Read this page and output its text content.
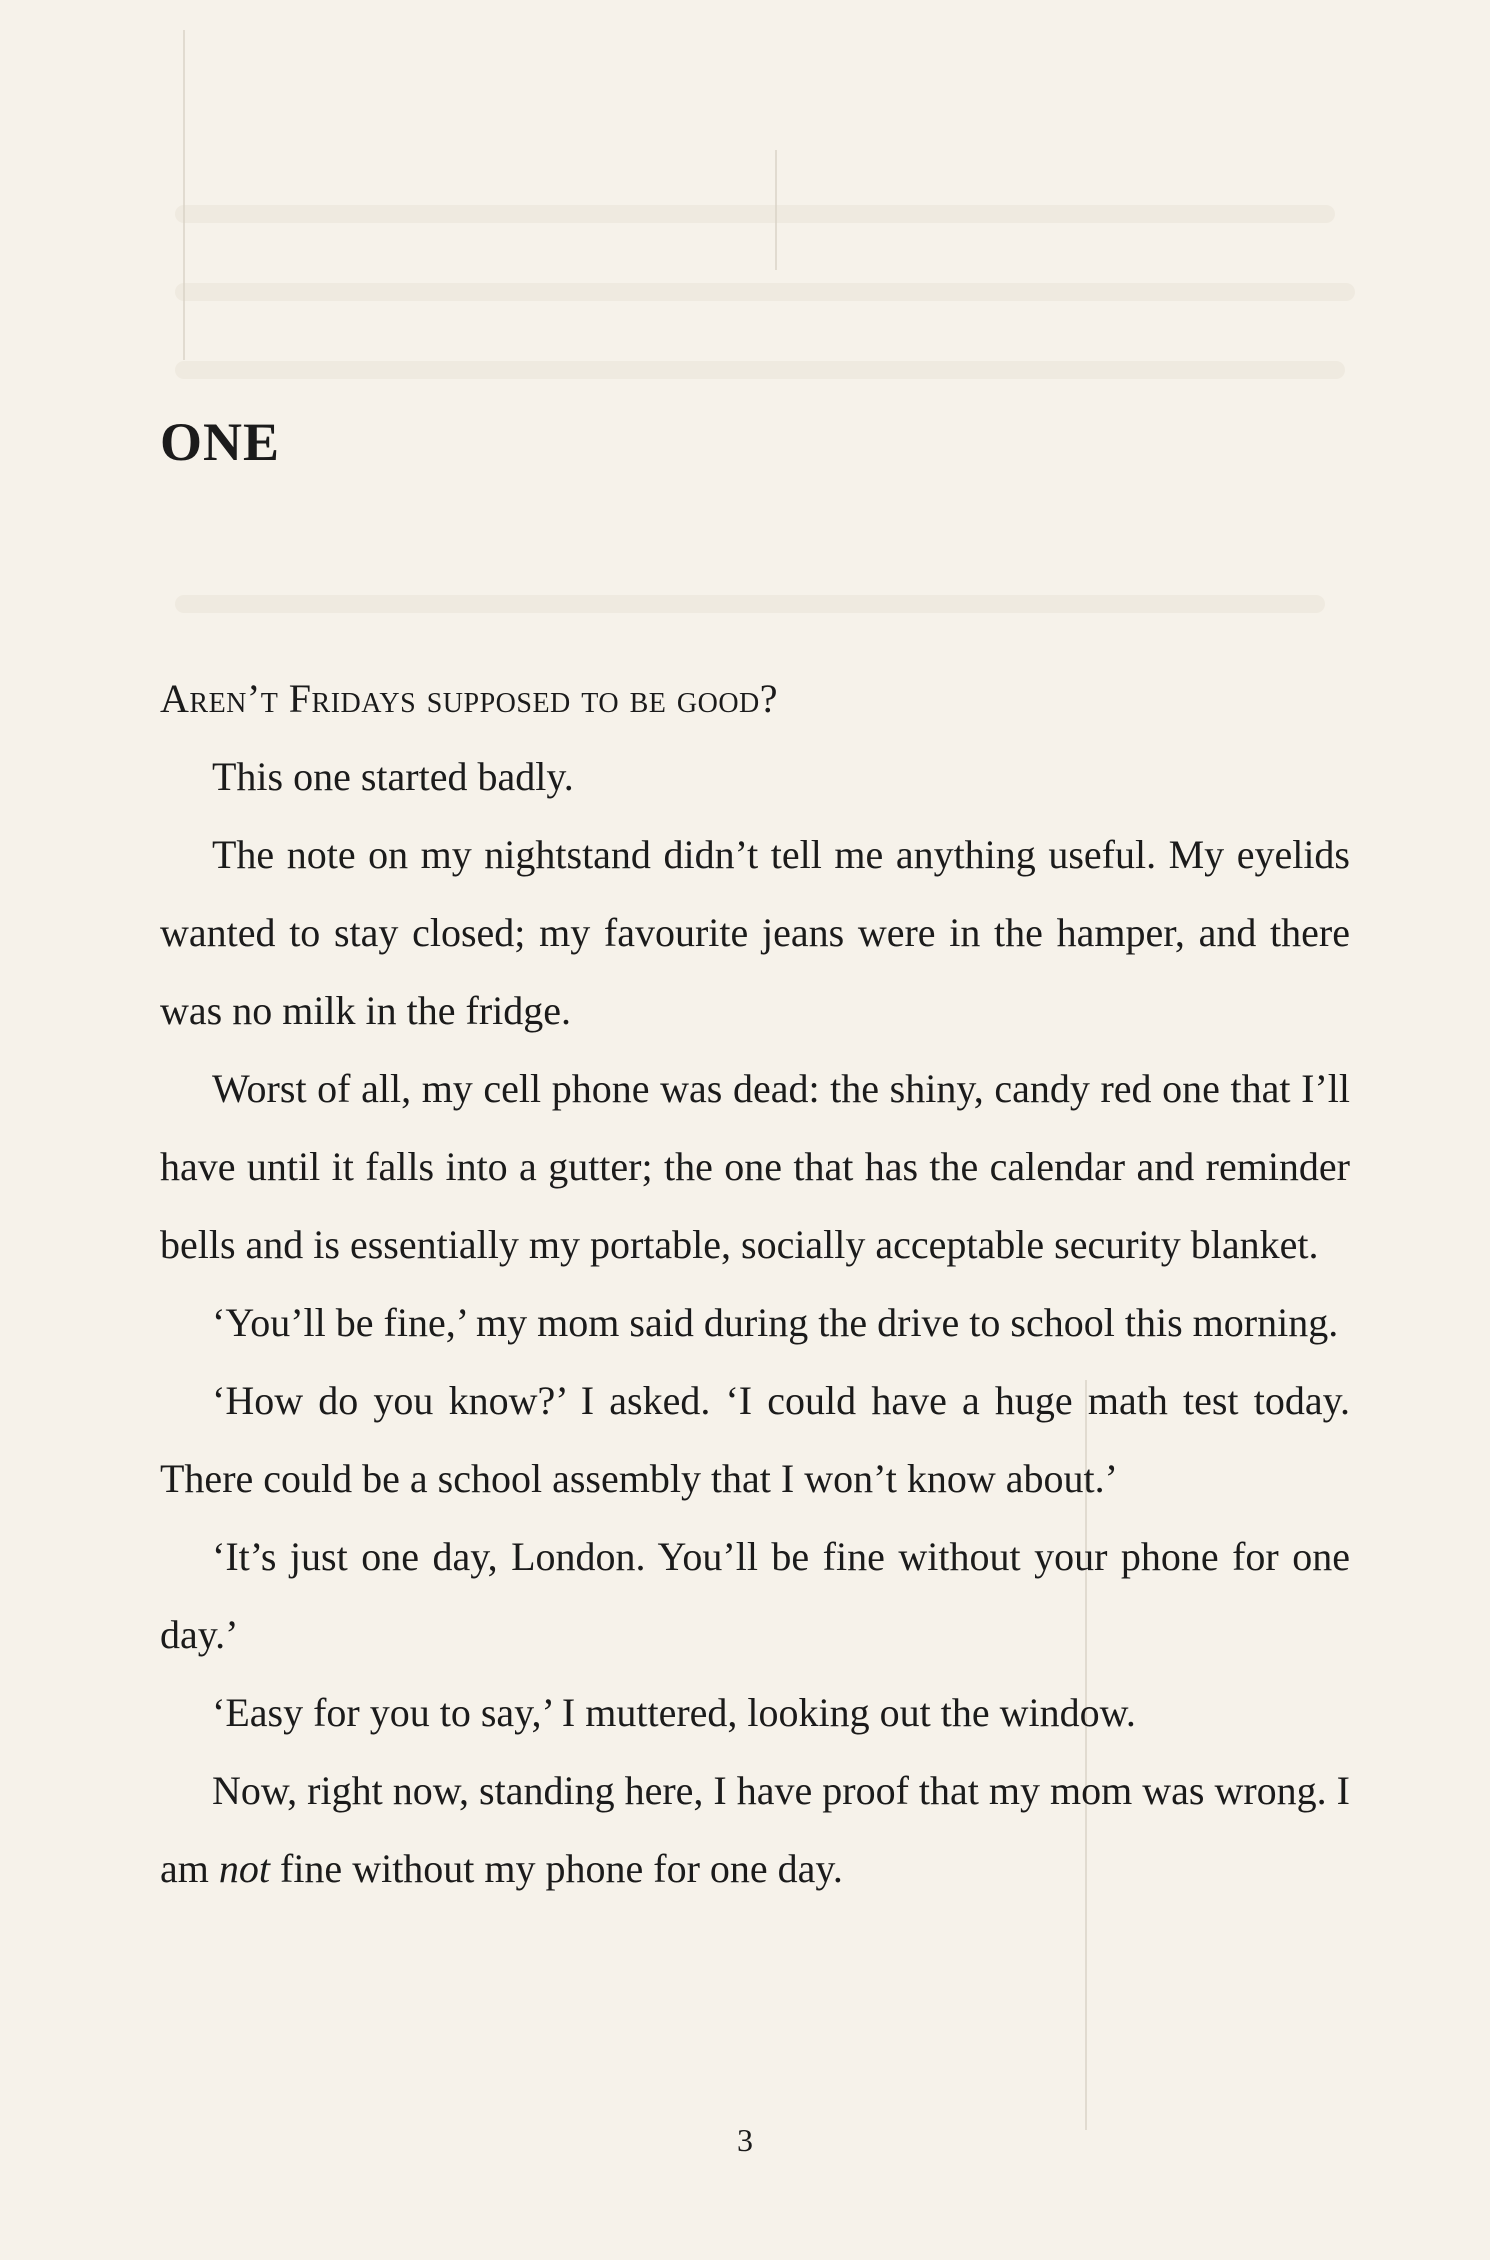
ONE

Aren’t Fridays supposed to be good?

This one started badly.

The note on my nightstand didn’t tell me anything useful. My eyelids wanted to stay closed; my favourite jeans were in the hamper, and there was no milk in the fridge.

Worst of all, my cell phone was dead: the shiny, candy red one that I’ll have until it falls into a gutter; the one that has the calendar and reminder bells and is essentially my portable, socially acceptable security blanket.

‘You’ll be fine,’ my mom said during the drive to school this morning.

‘How do you know?’ I asked. ‘I could have a huge math test today. There could be a school assembly that I won’t know about.’

‘It’s just one day, London. You’ll be fine without your phone for one day.’

‘Easy for you to say,’ I muttered, looking out the window.

Now, right now, standing here, I have proof that my mom was wrong. I am not fine without my phone for one day.

3
